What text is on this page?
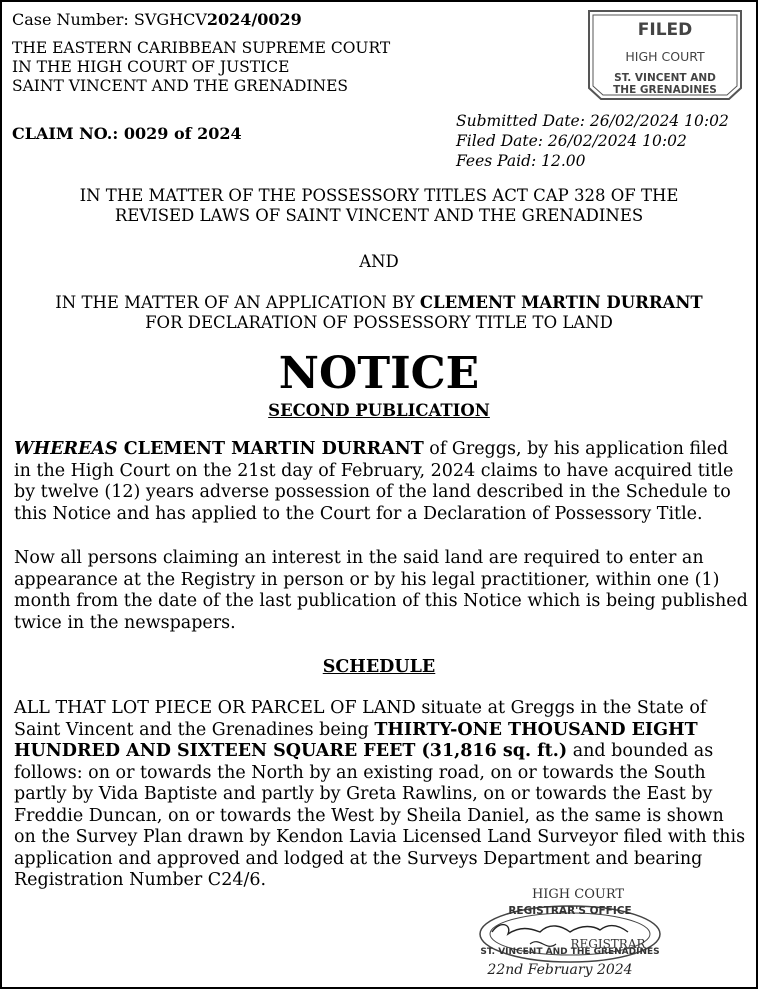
Case Number: SVGHCV2024/0029
THE EASTERN CARIBBEAN SUPREME COURT
IN THE HIGH COURT OF JUSTICE
SAINT VINCENT AND THE GRENADINES
CLAIM NO.: 0029 of 2024
Submitted Date: 26/02/2024 10:02
Filed Date: 26/02/2024 10:02
Fees Paid: 12.00
FILED
HIGH COURT
ST. VINCENT AND
THE GRENADINES
IN THE MATTER OF THE POSSESSORY TITLES ACT CAP 328 OF THE
REVISED LAWS OF SAINT VINCENT AND THE GRENADINES
AND
IN THE MATTER OF AN APPLICATION BY CLEMENT MARTIN DURRANT
FOR DECLARATION OF POSSESSORY TITLE TO LAND
NOTICE
SECOND PUBLICATION
WHEREAS CLEMENT MARTIN DURRANT of Greggs, by his application filed in the High Court on the 21st day of February, 2024 claims to have acquired title by twelve (12) years adverse possession of the land described in the Schedule to this Notice and has applied to the Court for a Declaration of Possessory Title.
Now all persons claiming an interest in the said land are required to enter an appearance at the Registry in person or by his legal practitioner, within one (1) month from the date of the last publication of this Notice which is being published twice in the newspapers.
SCHEDULE
ALL THAT LOT PIECE OR PARCEL OF LAND situate at Greggs in the State of Saint Vincent and the Grenadines being THIRTY-ONE THOUSAND EIGHT HUNDRED AND SIXTEEN SQUARE FEET (31,816 sq. ft.) and bounded as follows: on or towards the North by an existing road, on or towards the South partly by Vida Baptiste and partly by Greta Rawlins, on or towards the East by Freddie Duncan, on or towards the West by Sheila Daniel, as the same is shown on the Survey Plan drawn by Kendon Lavia Licensed Land Surveyor filed with this application and approved and lodged at the Surveys Department and bearing Registration Number C24/6.
HIGH COURT
REGISTRAR'S OFFICE
ST. VINCENT AND THE GRENADINES
REGISTRAR
22nd February 2024
